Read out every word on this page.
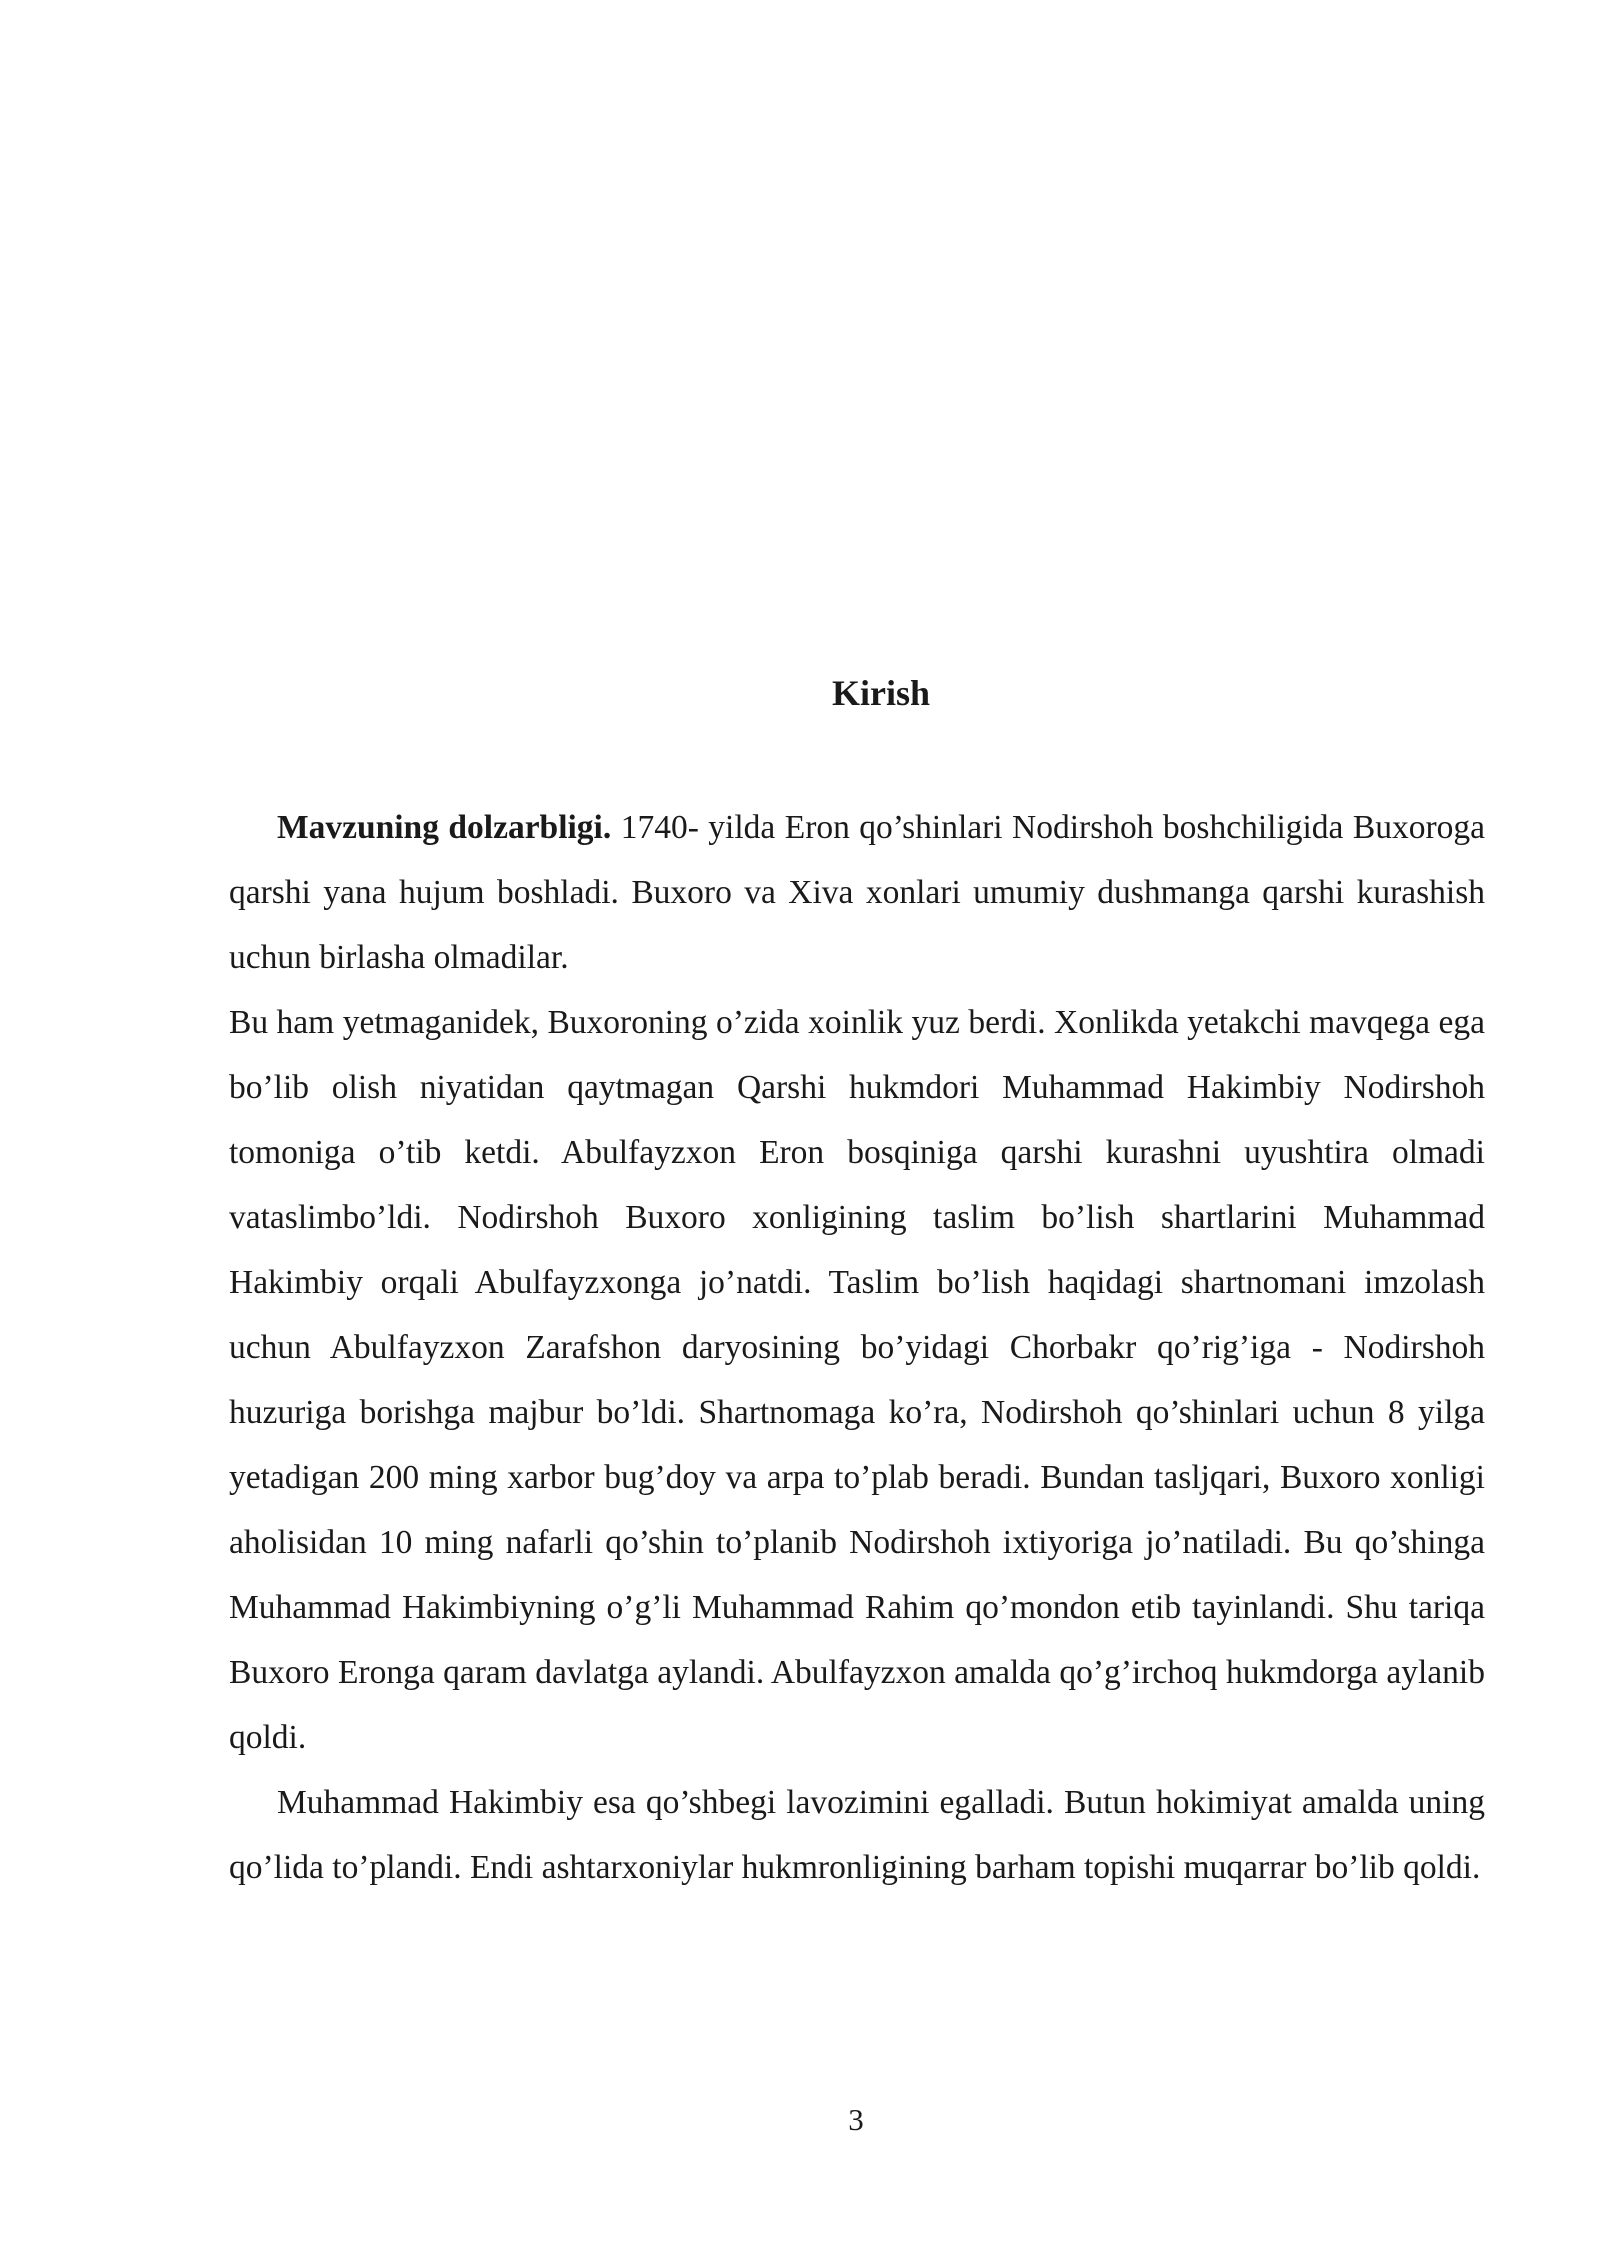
Kirish

Mavzuning dolzarbligi. 1740- yilda Eron qo’shinlari Nodirshoh boshchiligida Buxoroga qarshi yana hujum boshladi. Buxoro va Xiva xonlari umumiy dushmanga qarshi kurashish uchun birlasha olmadilar.

Bu ham yetmaganidek, Buxoroning o’zida xoinlik yuz berdi. Xonlikda yetakchi mavqega ega bo’lib olish niyatidan qaytmagan Qarshi hukmdori Muhammad Hakimbiy Nodirshoh tomoniga o’tib ketdi. Abulfayzxon Eron bosqiniga qarshi kurashni uyushtira olmadi vataslimbo’ldi. Nodirshoh Buxoro xonligining taslim bo’lish shartlarini Muhammad Hakimbiy orqali Abulfayzxonga jo’natdi. Taslim bo’lish haqidagi shartnomani imzolash uchun Abulfayzxon Zarafshon daryosining bo’yidagi Chorbakr qo’rig’iga - Nodirshoh huzuriga borishga majbur bo’ldi. Shartnomaga ko’ra, Nodirshoh qo’shinlari uchun 8 yilga yetadigan 200 ming xarbor bug’doy va arpa to’plab beradi. Bundan tasljqari, Buxoro xonligi aholisidan 10 ming nafarli qo’shin to’planib Nodirshoh ixtiyoriga jo’natiladi. Bu qo’shinga Muhammad Hakimbiyning o’g’li Muhammad Rahim qo’mondon etib tayinlandi. Shu tariqa Buxoro Eronga qaram davlatga aylandi. Abulfayzxon amalda qo’g’irchoq hukmdorga aylanib qoldi.

Muhammad Hakimbiy esa qo’shbegi lavozimini egalladi. Butun hokimiyat amalda uning qo’lida to’plandi. Endi ashtarxoniylar hukmronligining barham topishi muqarrar bo’lib qoldi.

3
